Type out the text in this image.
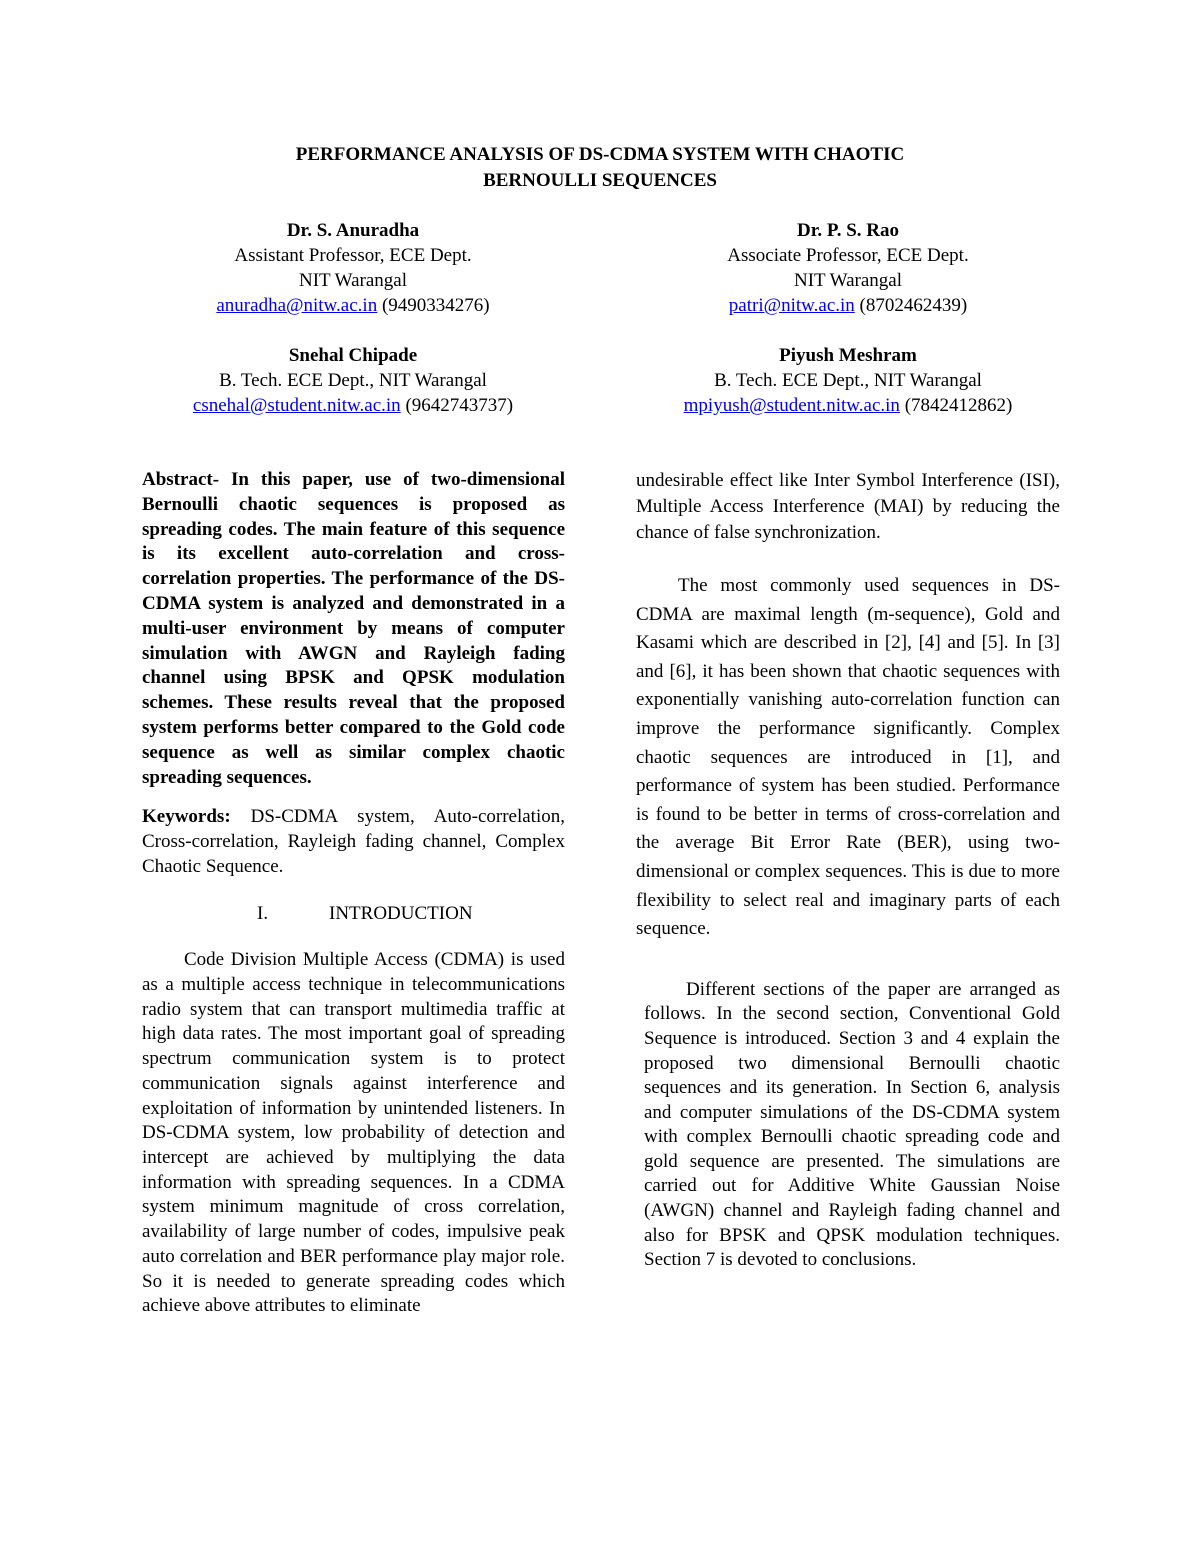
PERFORMANCE ANALYSIS OF DS-CDMA SYSTEM WITH CHAOTIC
BERNOULLI SEQUENCES
Dr. S. Anuradha
Assistant Professor, ECE Dept.
NIT Warangal
anuradha@nitw.ac.in (9490334276)
Dr. P. S. Rao
Associate Professor, ECE Dept.
NIT Warangal
patri@nitw.ac.in (8702462439)
Snehal Chipade
B. Tech. ECE Dept., NIT Warangal
csnehal@student.nitw.ac.in (9642743737)
Piyush Meshram
B. Tech. ECE Dept., NIT Warangal
mpiyush@student.nitw.ac.in (7842412862)

Abstract- In this paper, use of two-dimensional Bernoulli chaotic sequences is proposed as spreading codes. The main feature of this sequence is its excellent auto-correlation and cross-correlation properties. The performance of the DS-CDMA system is analyzed and demonstrated in a multi-user environment by means of computer simulation with AWGN and Rayleigh fading channel using BPSK and QPSK modulation schemes. These results reveal that the proposed system performs better compared to the Gold code sequence as well as similar complex chaotic spreading sequences.

Keywords: DS-CDMA system, Auto-correlation, Cross-correlation, Rayleigh fading channel, Complex Chaotic Sequence.

I.	INTRODUCTION

Code Division Multiple Access (CDMA) is used as a multiple access technique in telecommunications radio system that can transport multimedia traffic at high data rates. The most important goal of spreading spectrum communication system is to protect communication signals against interference and exploitation of information by unintended listeners. In DS-CDMA system, low probability of detection and intercept are achieved by multiplying the data information with spreading sequences. In a CDMA system minimum magnitude of cross correlation, availability of large number of codes, impulsive peak auto correlation and BER performance play major role. So it is needed to generate spreading codes which achieve above attributes to eliminate

undesirable effect like Inter Symbol Interference (ISI), Multiple Access Interference (MAI) by reducing the chance of false synchronization.

The most commonly used sequences in DS-CDMA are maximal length (m-sequence), Gold and Kasami which are described in [2], [4] and [5]. In [3] and [6], it has been shown that chaotic sequences with exponentially vanishing auto-correlation function can improve the performance significantly. Complex chaotic sequences are introduced in [1], and performance of system has been studied. Performance is found to be better in terms of cross-correlation and the average Bit Error Rate (BER), using two-dimensional or complex sequences. This is due to more flexibility to select real and imaginary parts of each sequence.

Different sections of the paper are arranged as follows. In the second section, Conventional Gold Sequence is introduced. Section 3 and 4 explain the proposed two dimensional Bernoulli chaotic sequences and its generation. In Section 6, analysis and computer simulations of the DS-CDMA system with complex Bernoulli chaotic spreading code and gold sequence are presented. The simulations are carried out for Additive White Gaussian Noise (AWGN) channel and Rayleigh fading channel and also for BPSK and QPSK modulation techniques. Section 7 is devoted to conclusions.
